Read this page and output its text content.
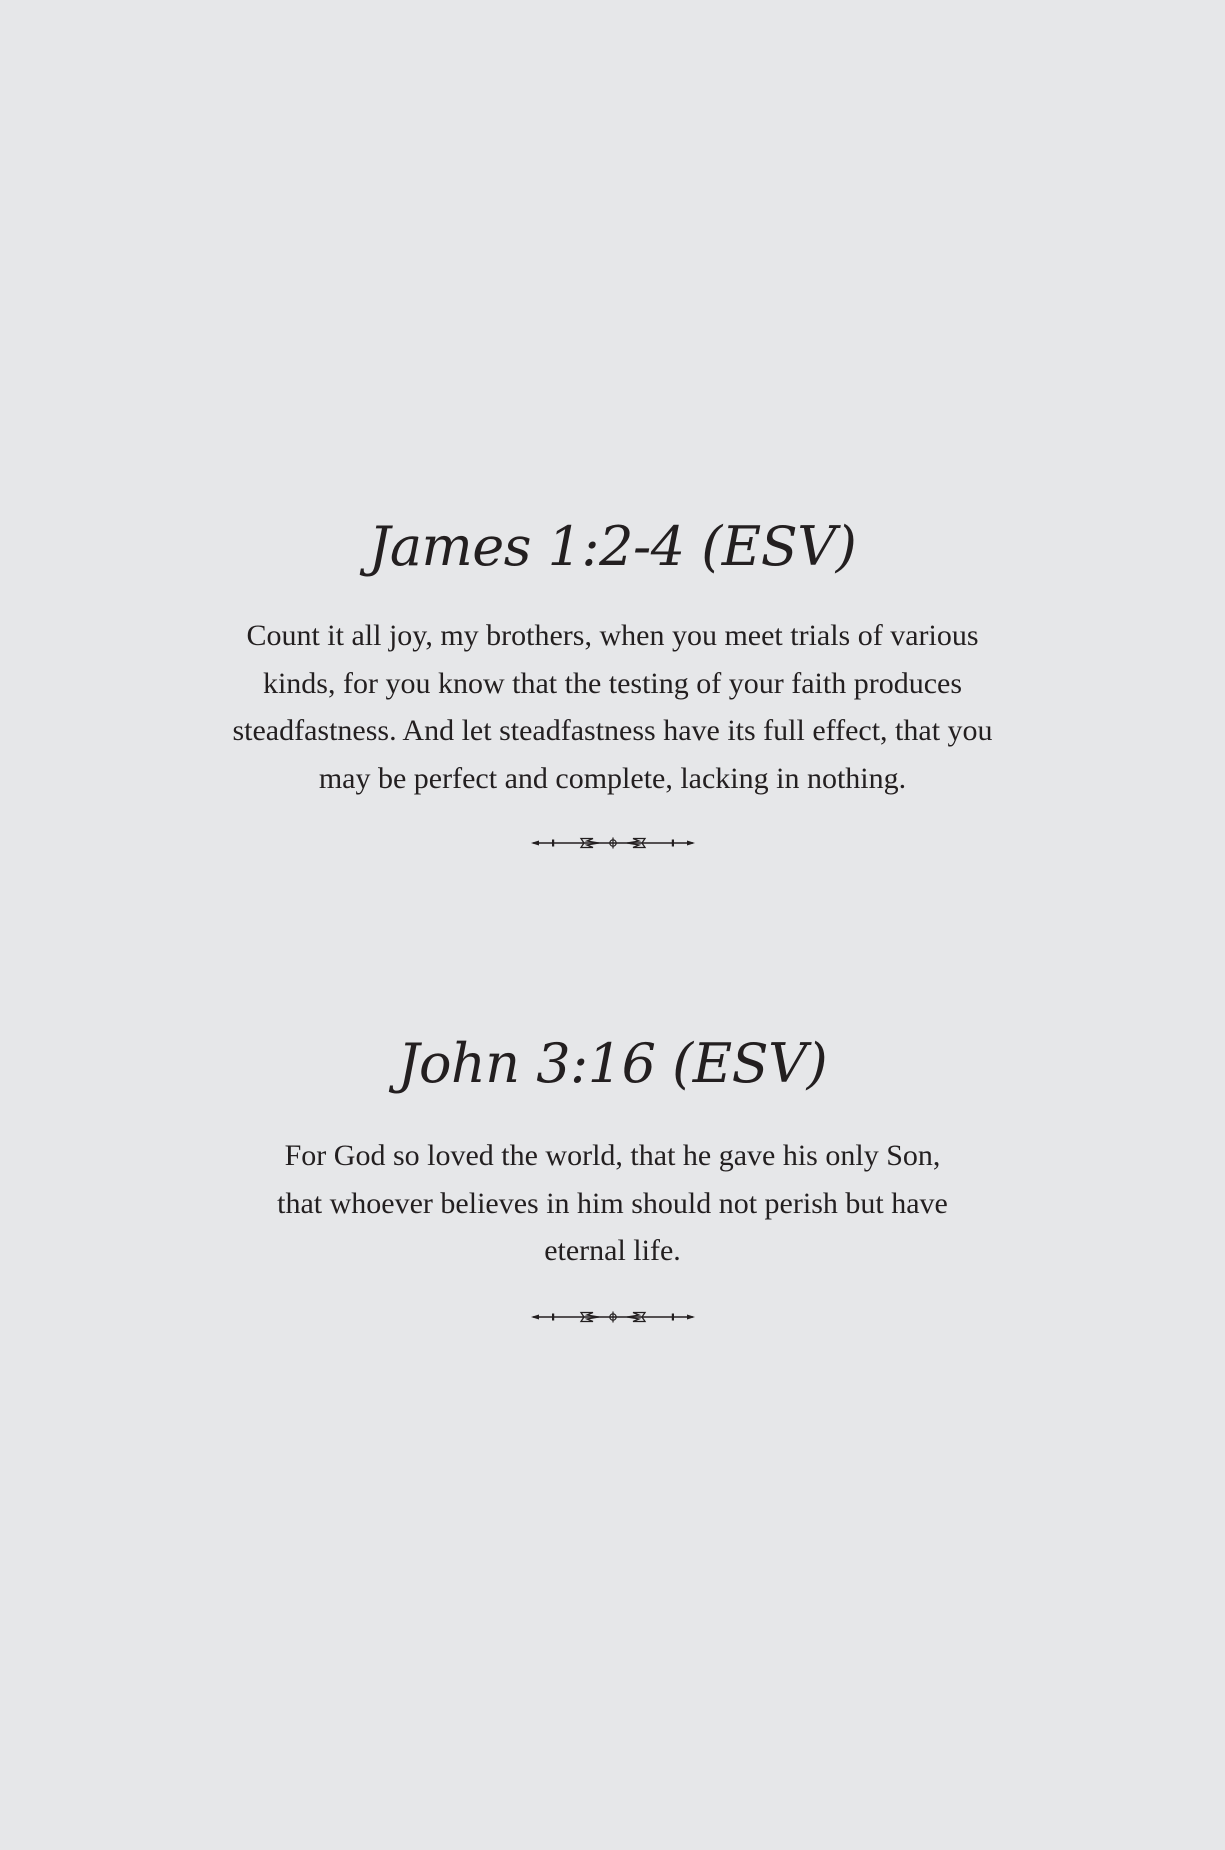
James 1:2-4 (ESV)

Count it all joy, my brothers, when you meet trials of various kinds, for you know that the testing of your faith produces steadfastness. And let steadfastness have its full effect, that you may be perfect and complete, lacking in nothing.

John 3:16 (ESV)

For God so loved the world, that he gave his only Son, that whoever believes in him should not perish but have eternal life.
